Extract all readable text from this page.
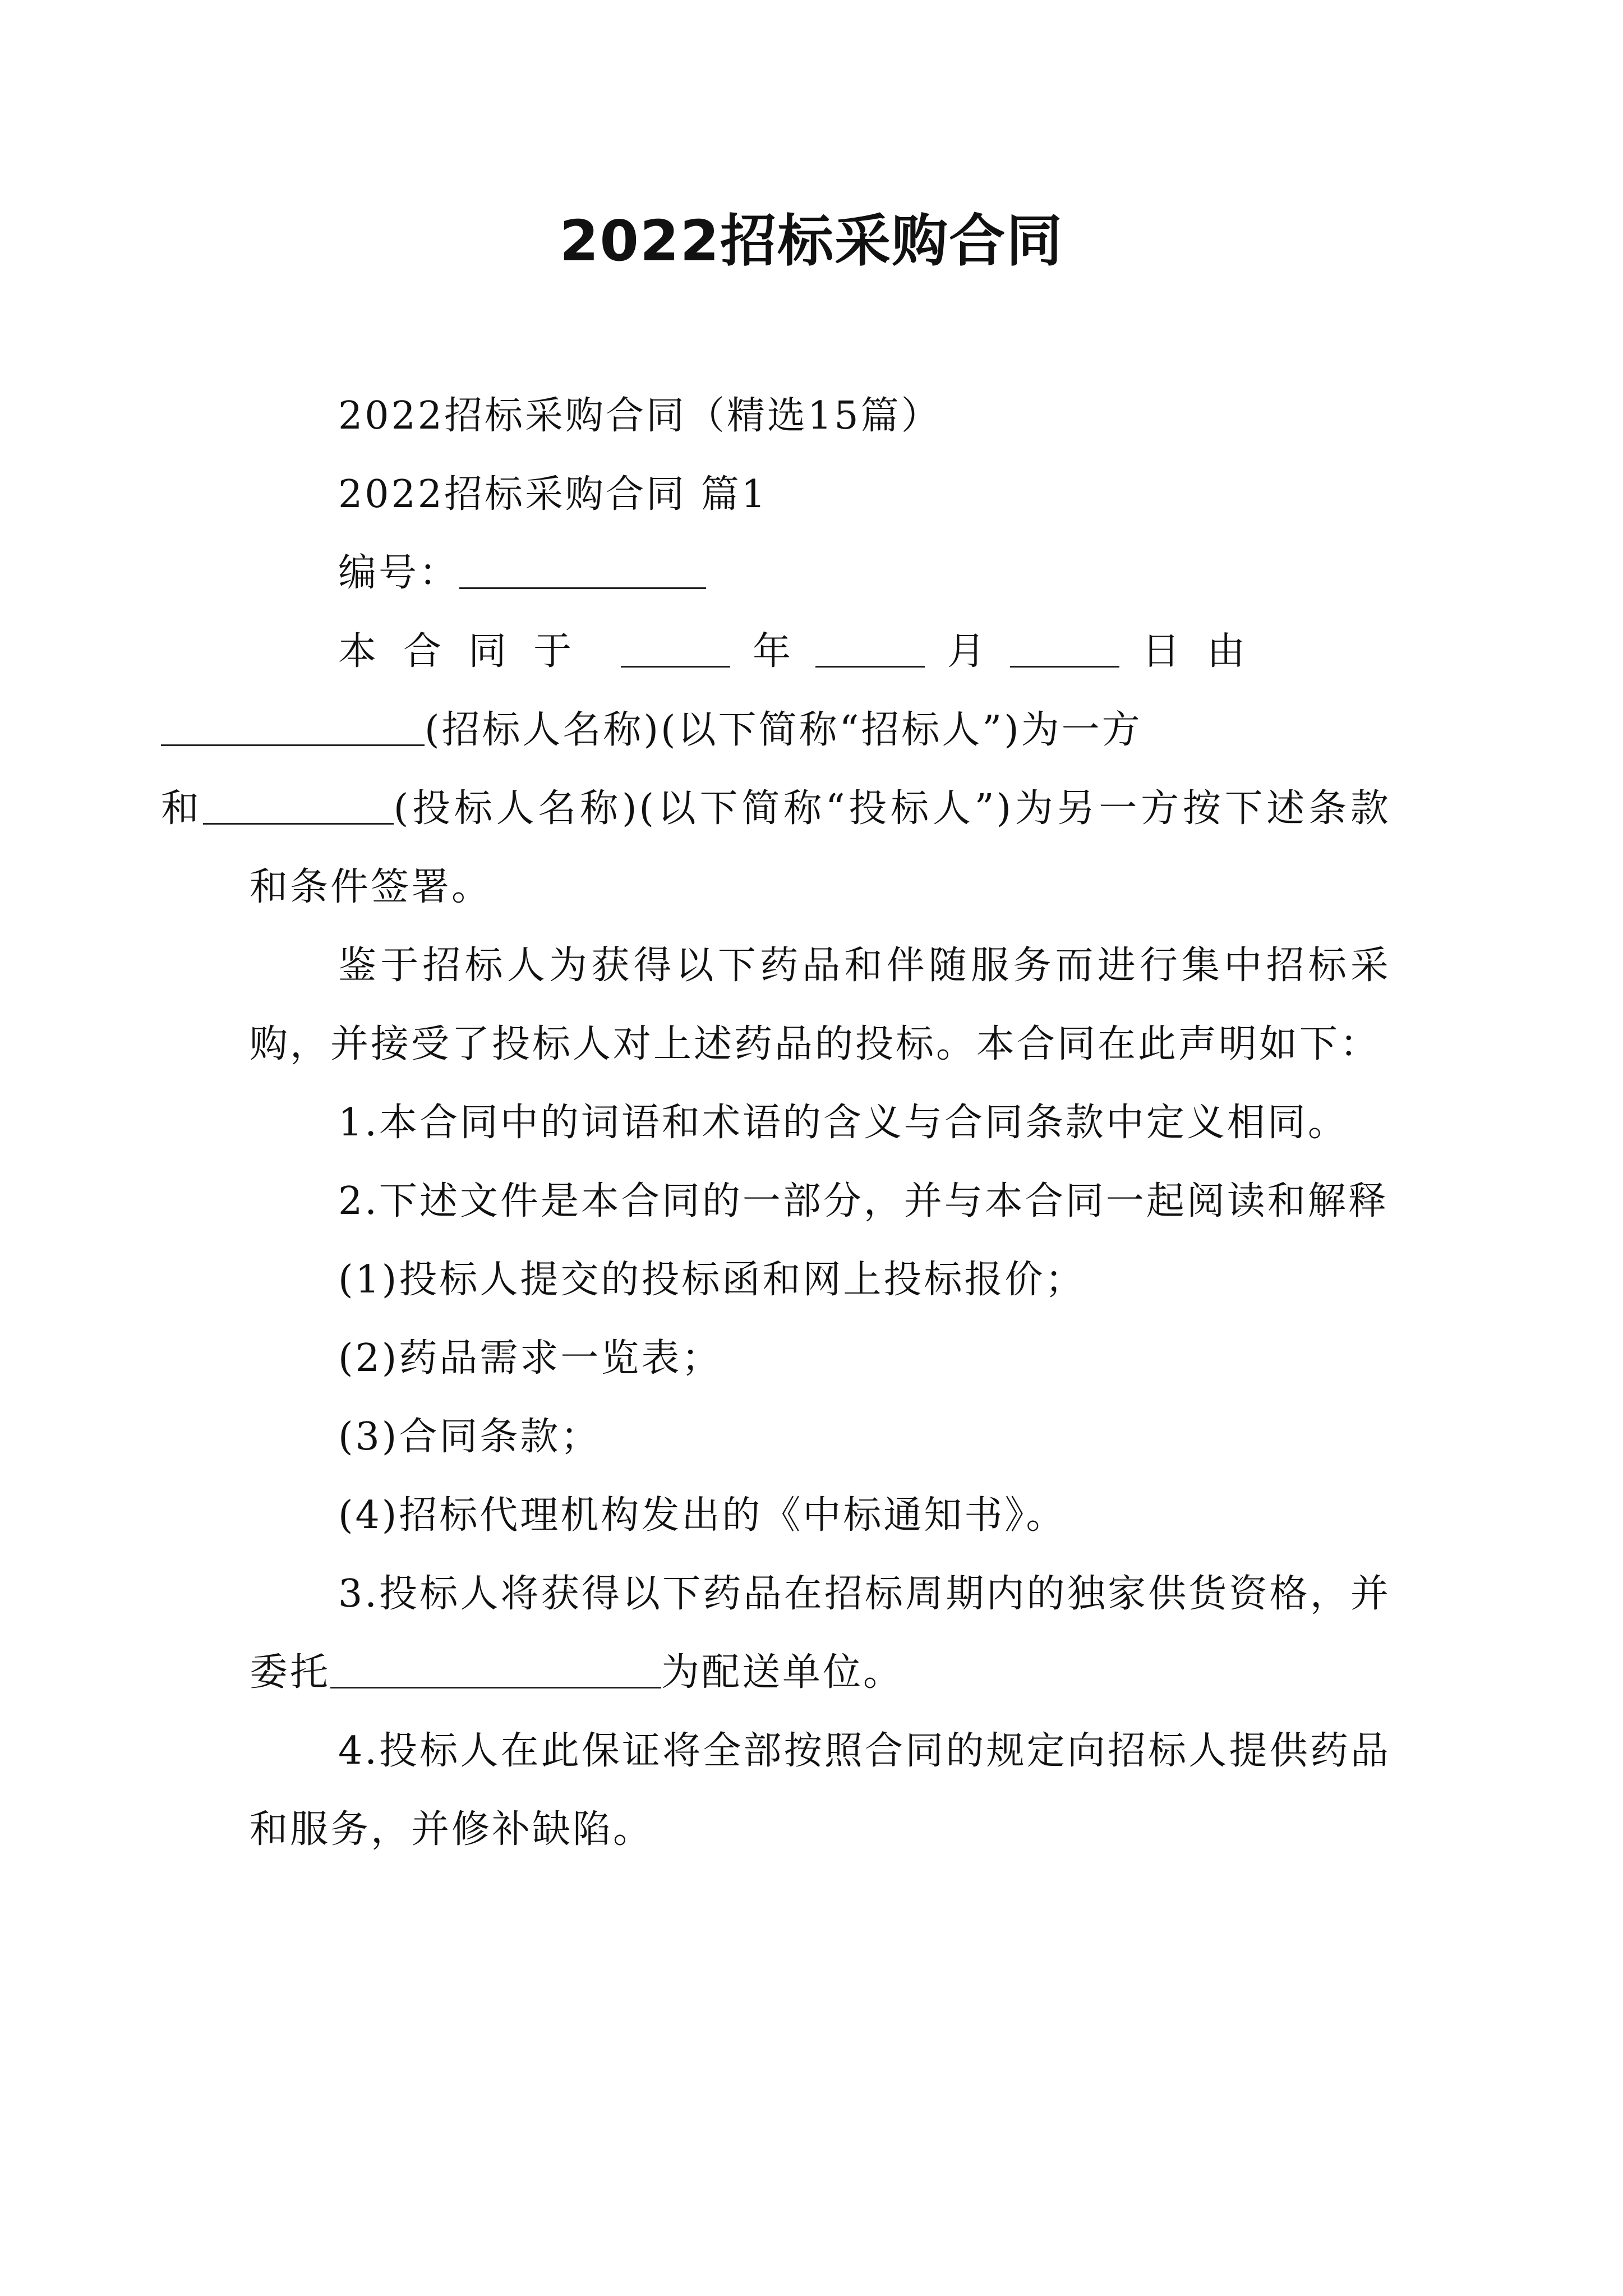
2022招标采购合同

2022招标采购合同（精选15篇）

2022招标采购合同 篇1

编号：

本合同于	年	月	日由
(招标人名称)(以下简称“招标人”)为一方
和	(投标人名称)(以下简称“投标人”)为另一方按下述条款和条件签署。

鉴于招标人为获得以下药品和伴随服务而进行集中招标采购，并接受了投标人对上述药品的投标。本合同在此声明如下：

1.本合同中的词语和术语的含义与合同条款中定义相同。

2.下述文件是本合同的一部分，并与本合同一起阅读和解释

(1)投标人提交的投标函和网上投标报价；

(2)药品需求一览表；

(3)合同条款；

(4)招标代理机构发出的《中标通知书》。

3.投标人将获得以下药品在招标周期内的独家供货资格，并委托	为配送单位。

4.投标人在此保证将全部按照合同的规定向招标人提供药品和服务，并修补缺陷。
